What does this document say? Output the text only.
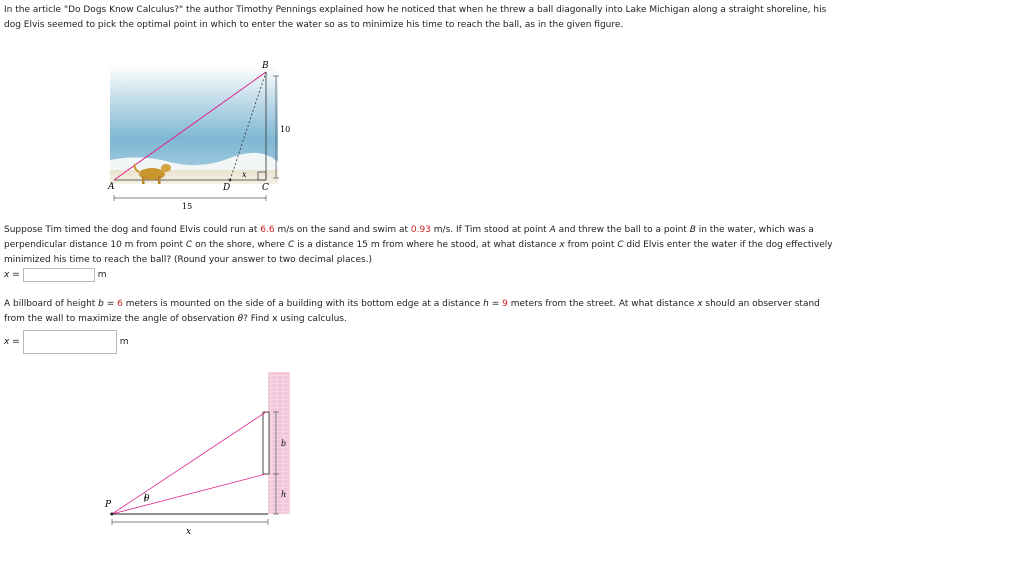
In the article "Do Dogs Know Calculus?" the author Timothy Pennings explained how he noticed that when he threw a ball diagonally into Lake Michigan along a straight shoreline, his
dog Elvis seemed to pick the optimal point in which to enter the water so as to minimize his time to reach the ball, as in the given figure.
A
B
C
D
x
10
15
Suppose Tim timed the dog and found Elvis could run at 6.6 m/s on the sand and swim at 0.93 m/s. If Tim stood at point A and threw the ball to a point B in the water, which was a
perpendicular distance 10 m from point C on the shore, where C is a distance 15 m from where he stood, at what distance x from point C did Elvis enter the water if the dog effectively
minimized his time to reach the ball? (Round your answer to two decimal places.)
x =	m
A billboard of height b = 6 meters is mounted on the side of a building with its bottom edge at a distance h = 9 meters from the street. At what distance x should an observer stand
from the wall to maximize the angle of observation θ? Find x using calculus.
x =	m
P
θ
b
h
x
